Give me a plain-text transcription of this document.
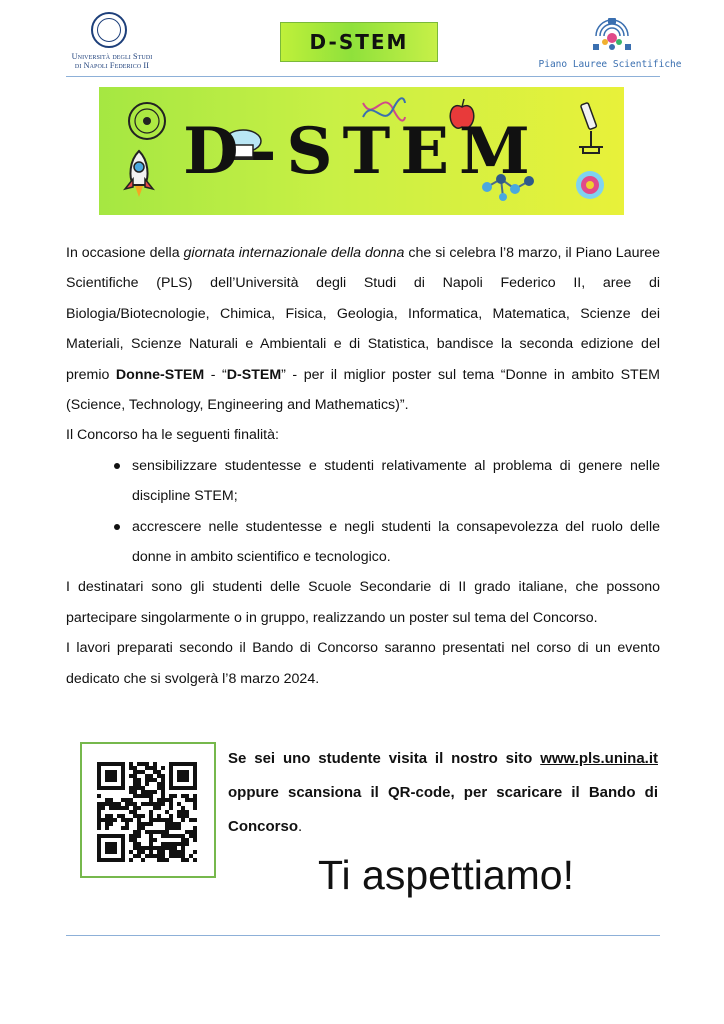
Università degli Studi
di Napoli Federico II
D-STEM
Piano Lauree Scientifiche
D-STEM

In occasione della giornata internazionale della donna che si celebra l’8 marzo, il Piano Lauree Scientifiche (PLS) dell’Università degli Studi di Napoli Federico II, aree di Biologia/Biotecnologie, Chimica, Fisica, Geologia, Informatica, Matematica, Scienze dei Materiali, Scienze Naturali e Ambientali e di Statistica, bandisce la seconda edizione del premio Donne-STEM - “D-STEM” - per il miglior poster sul tema “Donne in ambito STEM (Science, Technology, Engineering and Mathematics)”.

Il Concorso ha le seguenti finalità:

sensibilizzare studentesse e studenti relativamente al problema di genere nelle discipline STEM;
accrescere nelle studentesse e negli studenti la consapevolezza del ruolo delle donne in ambito scientifico e tecnologico.

I destinatari sono gli studenti delle Scuole Secondarie di II grado italiane, che possono partecipare singolarmente o in gruppo, realizzando un poster sul tema del Concorso.

I lavori preparati secondo il Bando di Concorso saranno presentati nel corso di un evento dedicato che si svolgerà l’8 marzo 2024.

Se sei uno studente visita il nostro sito www.pls.unina.it oppure scansiona il QR-code, per scaricare il Bando di Concorso.
Ti aspettiamo!
